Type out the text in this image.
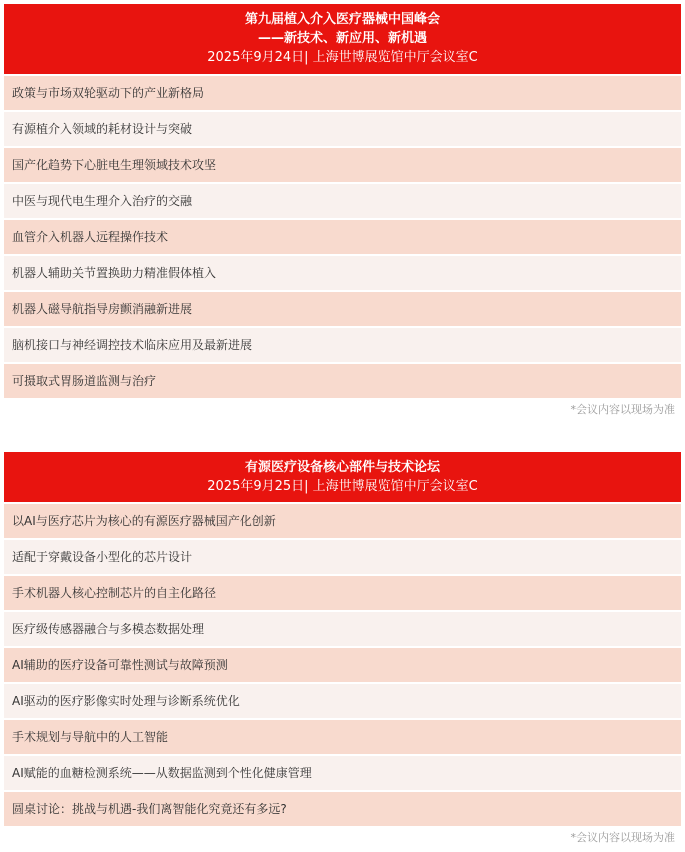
第九届植入介入医疗器械中国峰会
——新技术、新应用、新机遇
2025年9月24日| 上海世博展览馆中厅会议室C
政策与市场双轮驱动下的产业新格局
有源植介入领域的耗材设计与突破
国产化趋势下心脏电生理领域技术攻坚
中医与现代电生理介入治疗的交融
血管介入机器人远程操作技术
机器人辅助关节置换助力精准假体植入
机器人磁导航指导房颤消融新进展
脑机接口与神经调控技术临床应用及最新进展
可摄取式胃肠道监测与治疗
*会议内容以现场为准
有源医疗设备核心部件与技术论坛
2025年9月25日| 上海世博展览馆中厅会议室C
以AI与医疗芯片为核心的有源医疗器械国产化创新
适配于穿戴设备小型化的芯片设计
手术机器人核心控制芯片的自主化路径
医疗级传感器融合与多模态数据处理
AI辅助的医疗设备可靠性测试与故障预测
AI驱动的医疗影像实时处理与诊断系统优化
手术规划与导航中的人工智能
AI赋能的血糖检测系统——从数据监测到个性化健康管理
圆桌讨论：挑战与机遇-我们离智能化究竟还有多远?
*会议内容以现场为准
